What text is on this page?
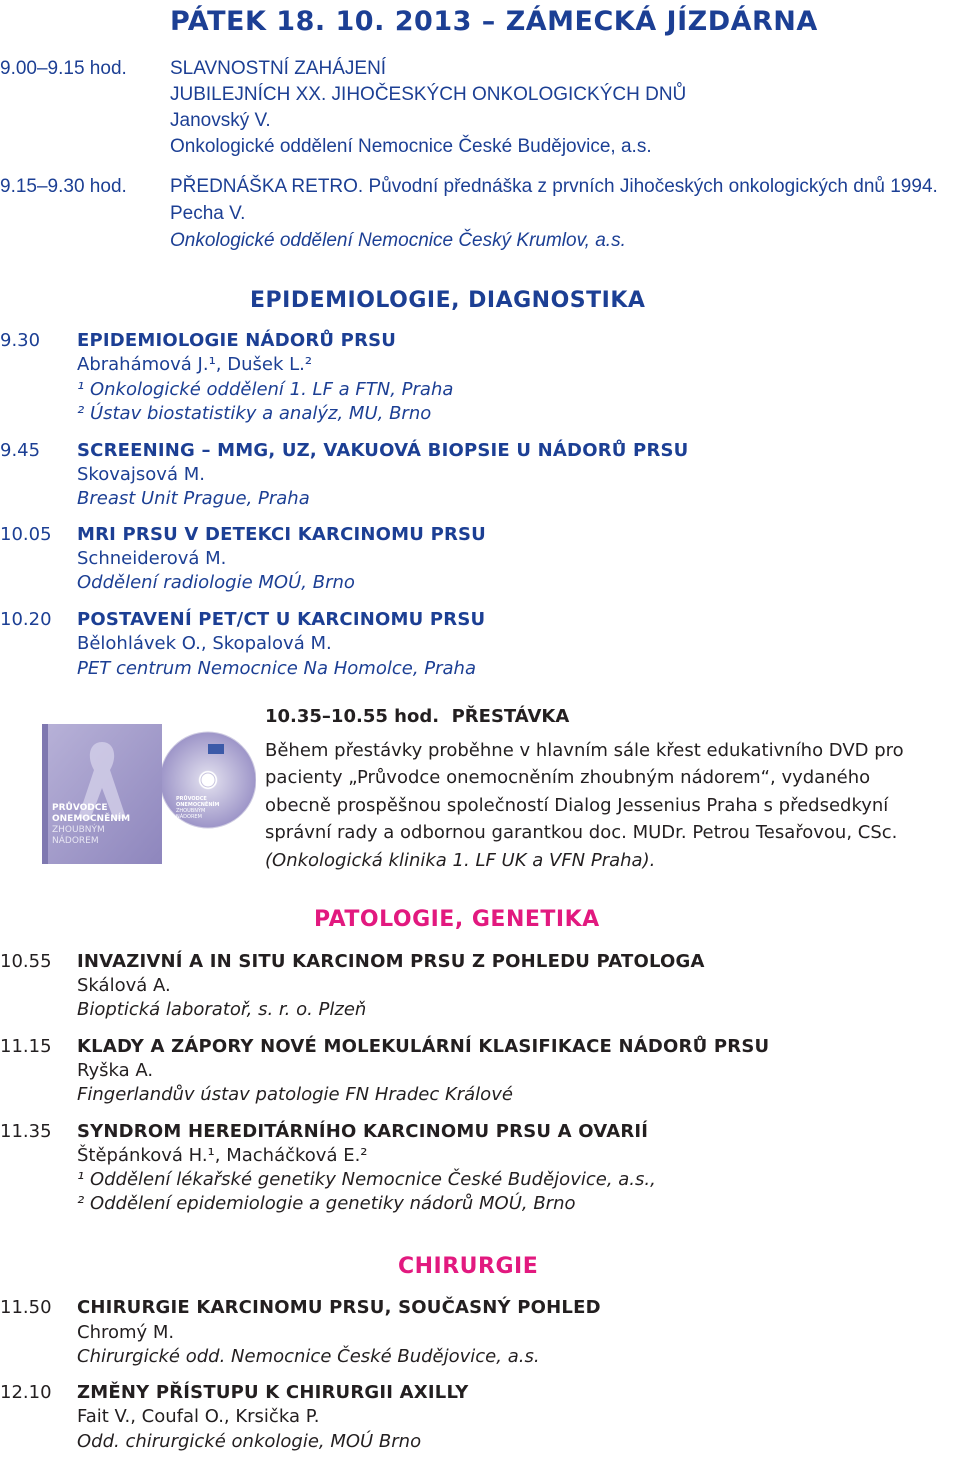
PÁTEK 18. 10. 2013 – ZÁMECKÁ JÍZDÁRNA
9.00–9.15 hod. SLAVNOSTNÍ ZAHÁJENÍ
JUBILEJNÍCH XX. JIHOČESKÝCH ONKOLOGICKÝCH DNŮ
Janovský V.
Onkologické oddělení Nemocnice České Budějovice, a.s.
9.15–9.30 hod. PŘEDNÁŠKA RETRO. Původní přednáška z prvních Jihočeských onkologických dnů 1994.
Pecha V.
Onkologické oddělení Nemocnice Český Krumlov, a.s.
EPIDEMIOLOGIE, DIAGNOSTIKA
9.30 EPIDEMIOLOGIE NÁDORŮ PRSU
Abrahámová J.¹, Dušek L.²
¹ Onkologické oddělení 1. LF a FTN, Praha
² Ústav biostatistiky a analýz, MU, Brno
9.45 SCREENING – MMG, UZ, VAKUOVÁ BIOPSIE U NÁDORŮ PRSU
Skovajsová M.
Breast Unit Prague, Praha
10.05 MRI PRSU V DETEKCI KARCINOMU PRSU
Schneiderová M.
Oddělení radiologie MOÚ, Brno
10.20 POSTAVENÍ PET/CT U KARCINOMU PRSU
Bělohlávek O., Skopalová M.
PET centrum Nemocnice Na Homolce, Praha
PRŮVODCE
ONEMOCNĚNÍM
ZHOUBNÝM
NÁDOREM
PRŮVODCE
ONEMOCNĚNÍM
ZHOUBNÝM
NÁDOREM
10.35–10.55 hod. PŘESTÁVKA
Během přestávky proběhne v hlavním sále křest edukativního DVD pro
pacienty „Průvodce onemocněním zhoubným nádorem“, vydaného
obecně prospěšnou společností Dialog Jessenius Praha s předsedkyní
správní rady a odbornou garantkou doc. MUDr. Petrou Tesařovou, CSc.
(Onkologická klinika 1. LF UK a VFN Praha).
PATOLOGIE, GENETIKA
10.55 INVAZIVNÍ A IN SITU KARCINOM PRSU Z POHLEDU PATOLOGA
Skálová A.
Bioptická laboratoř, s. r. o. Plzeň
11.15 KLADY A ZÁPORY NOVÉ MOLEKULÁRNÍ KLASIFIKACE NÁDORŮ PRSU
Ryška A.
Fingerlandův ústav patologie FN Hradec Králové
11.35 SYNDROM HEREDITÁRNÍHO KARCINOMU PRSU A OVARIÍ
Štěpánková H.¹, Macháčková E.²
¹ Oddělení lékařské genetiky Nemocnice České Budějovice, a.s.,
² Oddělení epidemiologie a genetiky nádorů MOÚ, Brno
CHIRURGIE
11.50 CHIRURGIE KARCINOMU PRSU, SOUČASNÝ POHLED
Chromý M.
Chirurgické odd. Nemocnice České Budějovice, a.s.
12.10 ZMĚNY PŘÍSTUPU K CHIRURGII AXILLY
Fait V., Coufal O., Krsička P.
Odd. chirurgické onkologie, MOÚ Brno
